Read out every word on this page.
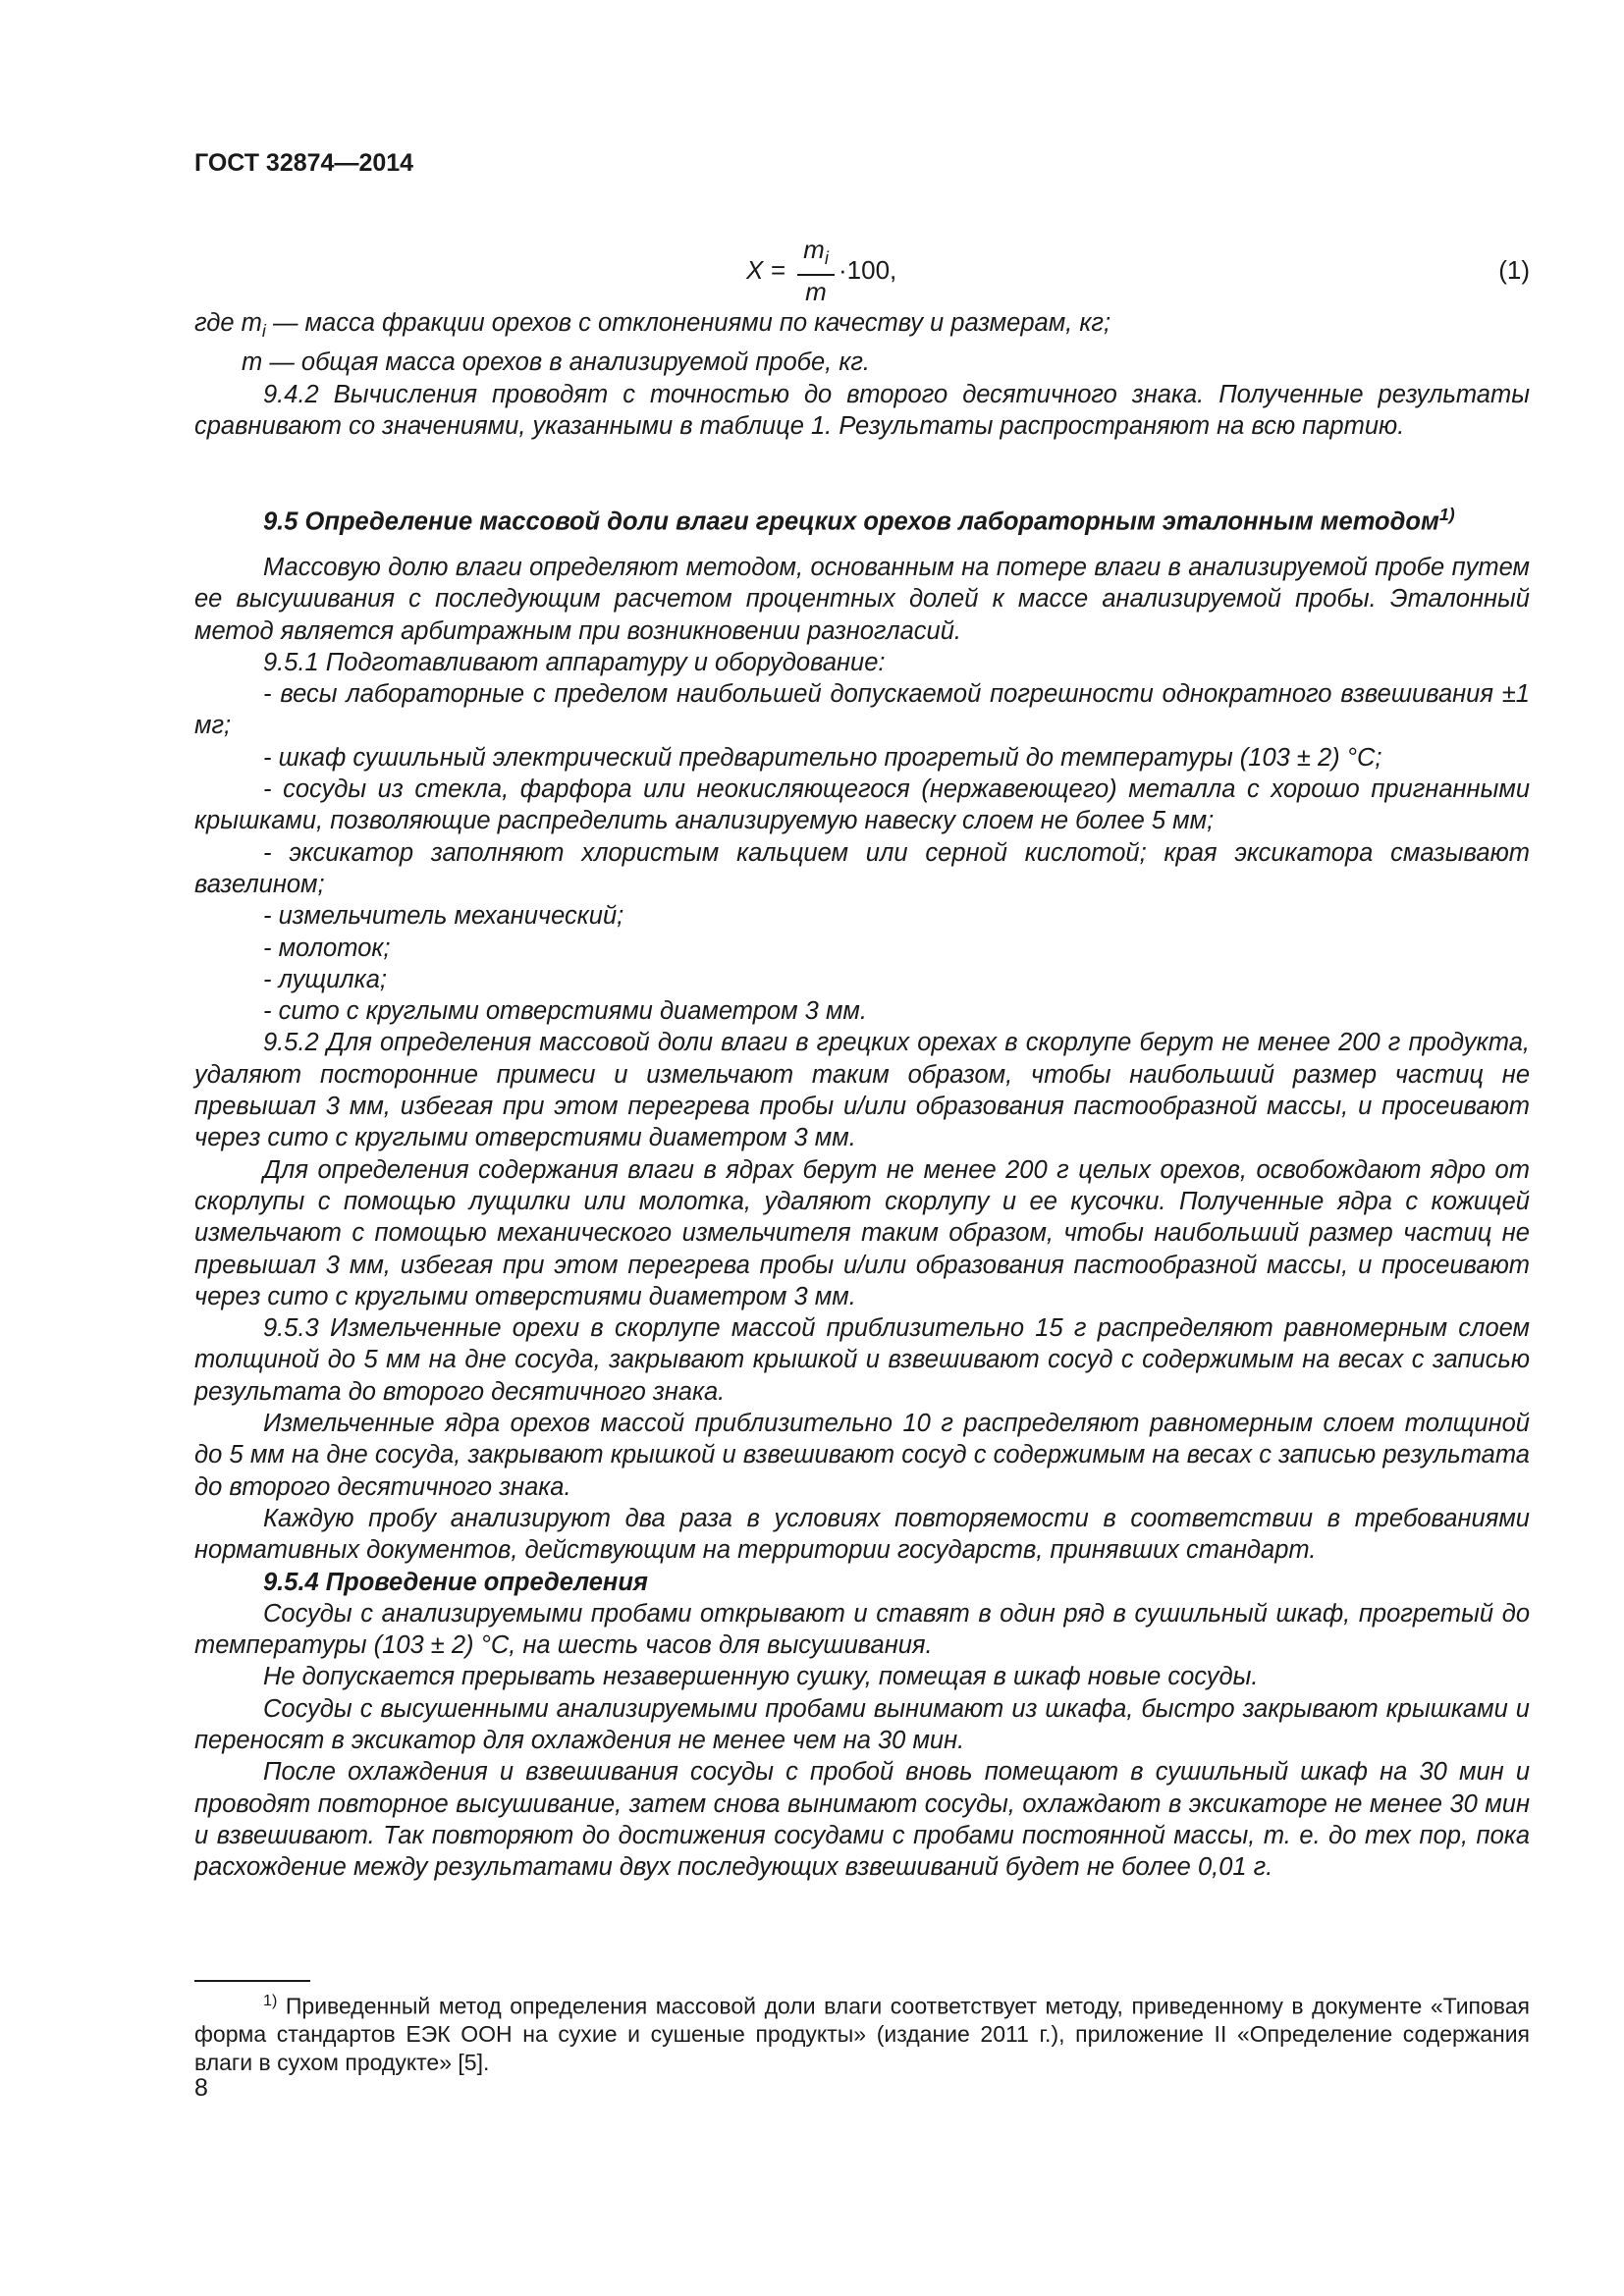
ГОСТ 32874—2014
X =
$m_i$
m
·100,	(1)

где $m_i$ — масса фракции орехов с отклонениями по качеству и размерам, кг;

m — общая масса орехов в анализируемой пробе, кг.

9.4.2 Вычисления проводят с точностью до второго десятичного знака. Полученные результаты сравнивают со значениями, указанными в таблице 1. Результаты распространяют на всю партию.

9.5 Определение массовой доли влаги грецких орехов лабораторным эталонным методом$^{1)}$

Массовую долю влаги определяют методом, основанным на потере влаги в анализируемой пробе путем ее высушивания с последующим расчетом процентных долей к массе анализируемой пробы. Эталонный метод является арбитражным при возникновении разногласий.

9.5.1 Подготавливают аппаратуру и оборудование:

- весы лабораторные с пределом наибольшей допускаемой погрешности однократного взвешивания ±1 мг;

- шкаф сушильный электрический предварительно прогретый до температуры (103 ± 2) °С;

- сосуды из стекла, фарфора или неокисляющегося (нержавеющего) металла с хорошо пригнанными крышками, позволяющие распределить анализируемую навеску слоем не более 5 мм;

- эксикатор заполняют хлористым кальцием или серной кислотой; края эксикатора смазывают вазелином;

- измельчитель механический;

- молоток;

- лущилка;

- сито с круглыми отверстиями диаметром 3 мм.

9.5.2 Для определения массовой доли влаги в грецких орехах в скорлупе берут не менее 200 г продукта, удаляют посторонние примеси и измельчают таким образом, чтобы наибольший размер частиц не превышал 3 мм, избегая при этом перегрева пробы и/или образования пастообразной массы, и просеивают через сито с круглыми отверстиями диаметром 3 мм.

Для определения содержания влаги в ядрах берут не менее 200 г целых орехов, освобождают ядро от скорлупы с помощью лущилки или молотка, удаляют скорлупу и ее кусочки. Полученные ядра с кожицей измельчают с помощью механического измельчителя таким образом, чтобы наибольший размер частиц не превышал 3 мм, избегая при этом перегрева пробы и/или образования пастообразной массы, и просеивают через сито с круглыми отверстиями диаметром 3 мм.

9.5.3 Измельченные орехи в скорлупе массой приблизительно 15 г распределяют равномерным слоем толщиной до 5 мм на дне сосуда, закрывают крышкой и взвешивают сосуд с содержимым на весах с записью результата до второго десятичного знака.

Измельченные ядра орехов массой приблизительно 10 г распределяют равномерным слоем толщиной до 5 мм на дне сосуда, закрывают крышкой и взвешивают сосуд с содержимым на весах с записью результата до второго десятичного знака.

Каждую пробу анализируют два раза в условиях повторяемости в соответствии в требованиями нормативных документов, действующим на территории государств, принявших стандарт.

9.5.4 Проведение определения

Сосуды с анализируемыми пробами открывают и ставят в один ряд в сушильный шкаф, прогретый до температуры (103 ± 2) °С, на шесть часов для высушивания.

Не допускается прерывать незавершенную сушку, помещая в шкаф новые сосуды.

Сосуды с высушенными анализируемыми пробами вынимают из шкафа, быстро закрывают крышками и переносят в эксикатор для охлаждения не менее чем на 30 мин.

После охлаждения и взвешивания сосуды с пробой вновь помещают в сушильный шкаф на 30 мин и проводят повторное высушивание, затем снова вынимают сосуды, охлаждают в эксикаторе не менее 30 мин и взвешивают. Так повторяют до достижения сосудами с пробами постоянной массы, т. е. до тех пор, пока расхождение между результатами двух последующих взвешиваний будет не более 0,01 г.

$^{1)}$ Приведенный метод определения массовой доли влаги соответствует методу, приведенному в документе «Типовая форма стандартов ЕЭК ООН на сухие и сушеные продукты» (издание 2011 г.), приложение II «Определение содержания влаги в сухом продукте» [5].

8
